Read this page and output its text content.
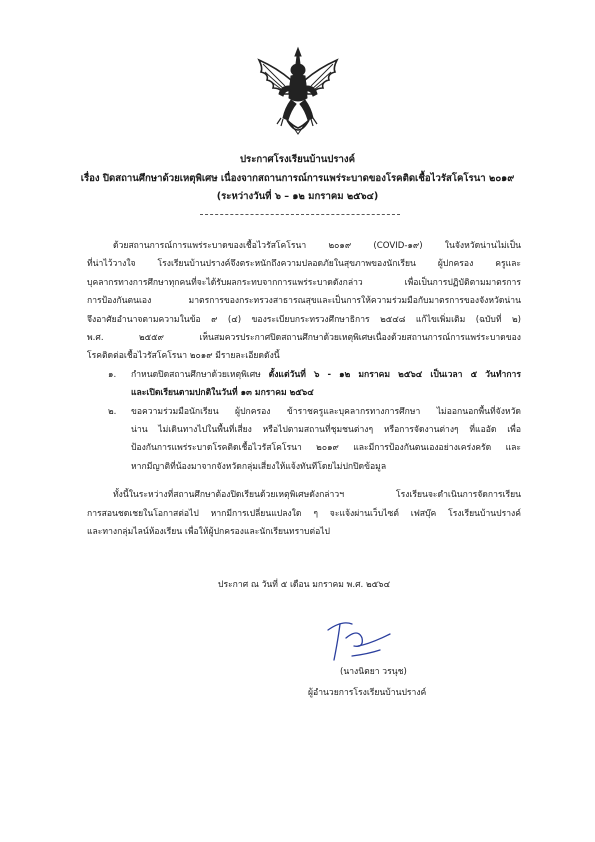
ประกาศโรงเรียนบ้านปรางค์
เรื่อง ปิดสถานศึกษาด้วยเหตุพิเศษ เนื่องจากสถานการณ์การแพร่ระบาดของโรคติดเชื้อไวรัสโคโรนา ๒๐๑๙
(ระหว่างวันที่ ๖ – ๑๒ มกราคม ๒๕๖๔)
ด้วยสถานการณ์การแพร่ระบาดของเชื้อไวรัสโคโรนา ๒๐๑๙ (COVID-๑๙) ในจังหวัดน่านไม่เป็น
ที่น่าไว้วางใจ โรงเรียนบ้านปรางค์จึงตระหนักถึงความปลอดภัยในสุขภาพของนักเรียน ผู้ปกครอง ครูและ
บุคลากรทางการศึกษาทุกคนที่จะได้รับผลกระทบจากการแพร่ระบาดดังกล่าว เพื่อเป็นการปฏิบัติตามมาตรการ
การป้องกันตนเอง มาตรการของกระทรวงสาธารณสุขและเป็นการให้ความร่วมมือกับมาตรการของจังหวัดน่าน
จึงอาศัยอำนาจตามความในข้อ ๙ (๔) ของระเบียบกระทรวงศึกษาธิการ ๒๕๔๘ แก้ไขเพิ่มเติม (ฉบับที่ ๒)
พ.ศ. ๒๕๕๙ เห็นสมควรประกาศปิดสถานศึกษาด้วยเหตุพิเศษเนื่องด้วยสถานการณ์การแพร่ระบาดของ
โรคติดต่อเชื้อไวรัสโคโรนา ๒๐๑๙ มีรายละเอียดดังนี้
๑.	กำหนดปิดสถานศึกษาด้วยเหตุพิเศษ ตั้งแต่วันที่ ๖ - ๑๒ มกราคม ๒๕๖๔ เป็นเวลา ๕ วันทำการ
และเปิดเรียนตามปกติในวันที่ ๑๓ มกราคม ๒๕๖๔
๒.	ขอความร่วมมือนักเรียน ผู้ปกครอง ข้าราชครูและบุคลากรทางการศึกษา ไม่ออกนอกพื้นที่จังหวัด
น่าน ไม่เดินทางไปในพื้นที่เสี่ยง หรือไปตามสถานที่ชุมชนต่างๆ หรือการจัดงานต่างๆ ที่แออัด เพื่อ
ป้องกันการแพร่ระบาดโรคติดเชื้อไวรัสโคโรนา ๒๐๑๙ และมีการป้องกันตนเองอย่างเคร่งครัด และ
หากมีญาติที่น้องมาจากจังหวัดกลุ่มเสี่ยงให้แจ้งทันทีโดยไม่ปกปิดข้อมูล
ทั้งนี้ในระหว่างที่สถานศึกษาต้องปิดเรียนด้วยเหตุพิเศษดังกล่าวฯ โรงเรียนจะดำเนินการจัดการเรียน
การสอนชดเชยในโอกาสต่อไป หากมีการเปลี่ยนแปลงใด ๆ จะแจ้งผ่านเว็บไซต์ เฟสบุ๊ค โรงเรียนบ้านปรางค์
และทางกลุ่มไลน์ห้องเรียน เพื่อให้ผู้ปกครองและนักเรียนทราบต่อไป
ประกาศ ณ วันที่ ๕ เดือน มกราคม พ.ศ. ๒๕๖๔
(นางนิตยา วรนุช)
ผู้อำนวยการโรงเรียนบ้านปรางค์
